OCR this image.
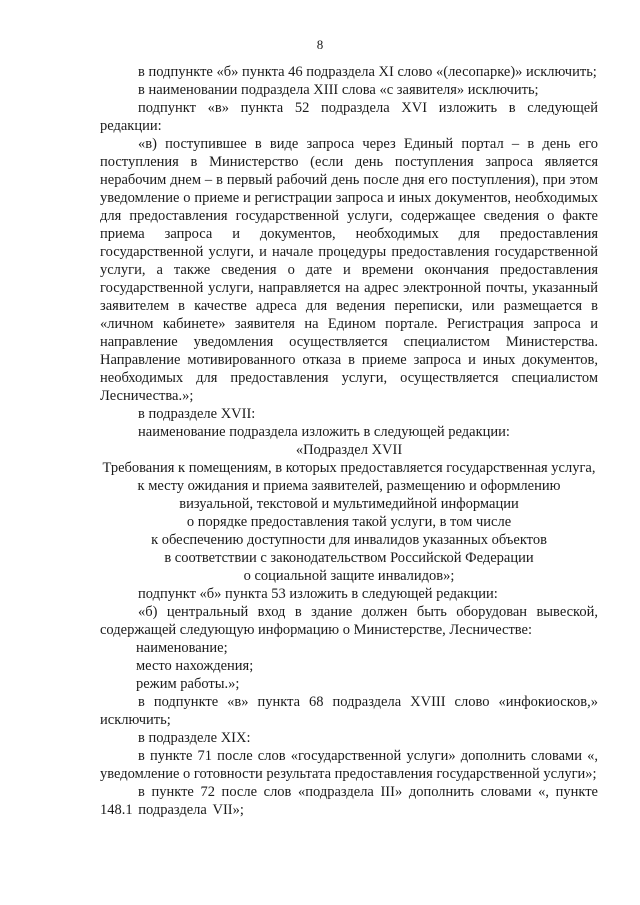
8

в подпункте «б» пункта 46 подраздела XI слово «(лесопарке)» исключить;

в наименовании подраздела XIII слова «с заявителя» исключить;

подпункт «в» пункта 52 подраздела XVI изложить в следующей редакции:

«в) поступившее в виде запроса через Единый портал – в день его поступления в Министерство (если день поступления запроса является нерабочим днем – в первый рабочий день после дня его поступления), при этом уведомление о приеме и регистрации запроса и иных документов, необходимых для предоставления государственной услуги, содержащее сведения о факте приема запроса и документов, необходимых для предоставления государственной услуги, и начале процедуры предоставления государственной услуги, а также сведения о дате и времени окончания предоставления государственной услуги, направляется на адрес электронной почты, указанный заявителем в качестве адреса для ведения переписки, или размещается в «личном кабинете» заявителя на Едином портале. Регистрация запроса и направление уведомления осуществляется специалистом Министерства. Направление мотивированного отказа в приеме запроса и иных документов, необходимых для предоставления услуги, осуществляется специалистом Лесничества.»;

в подразделе XVII:

наименование подраздела изложить в следующей редакции:

«Подраздел XVII

Требования к помещениям, в которых предоставляется государственная услуга, к месту ожидания и приема заявителей, размещению и оформлению визуальной, текстовой и мультимедийной информации

о порядке предоставления такой услуги, в том числе

к обеспечению доступности для инвалидов указанных объектов

в соответствии с законодательством Российской Федерации

о социальной защите инвалидов»;

подпункт «б» пункта 53 изложить в следующей редакции:

«б) центральный вход в здание должен быть оборудован вывеской, содержащей следующую информацию о Министерстве, Лесничестве:

наименование;

место нахождения;

режим работы.»;

в подпункте «в» пункта 68 подраздела XVIII слово «инфокиосков,» исключить;

в подразделе XIX:

в пункте 71 после слов «государственной услуги» дополнить словами «, уведомление о готовности результата предоставления государственной услуги»;

в пункте 72 после слов «подраздела III» дополнить словами «, пункте 148.1 подраздела VII»;
